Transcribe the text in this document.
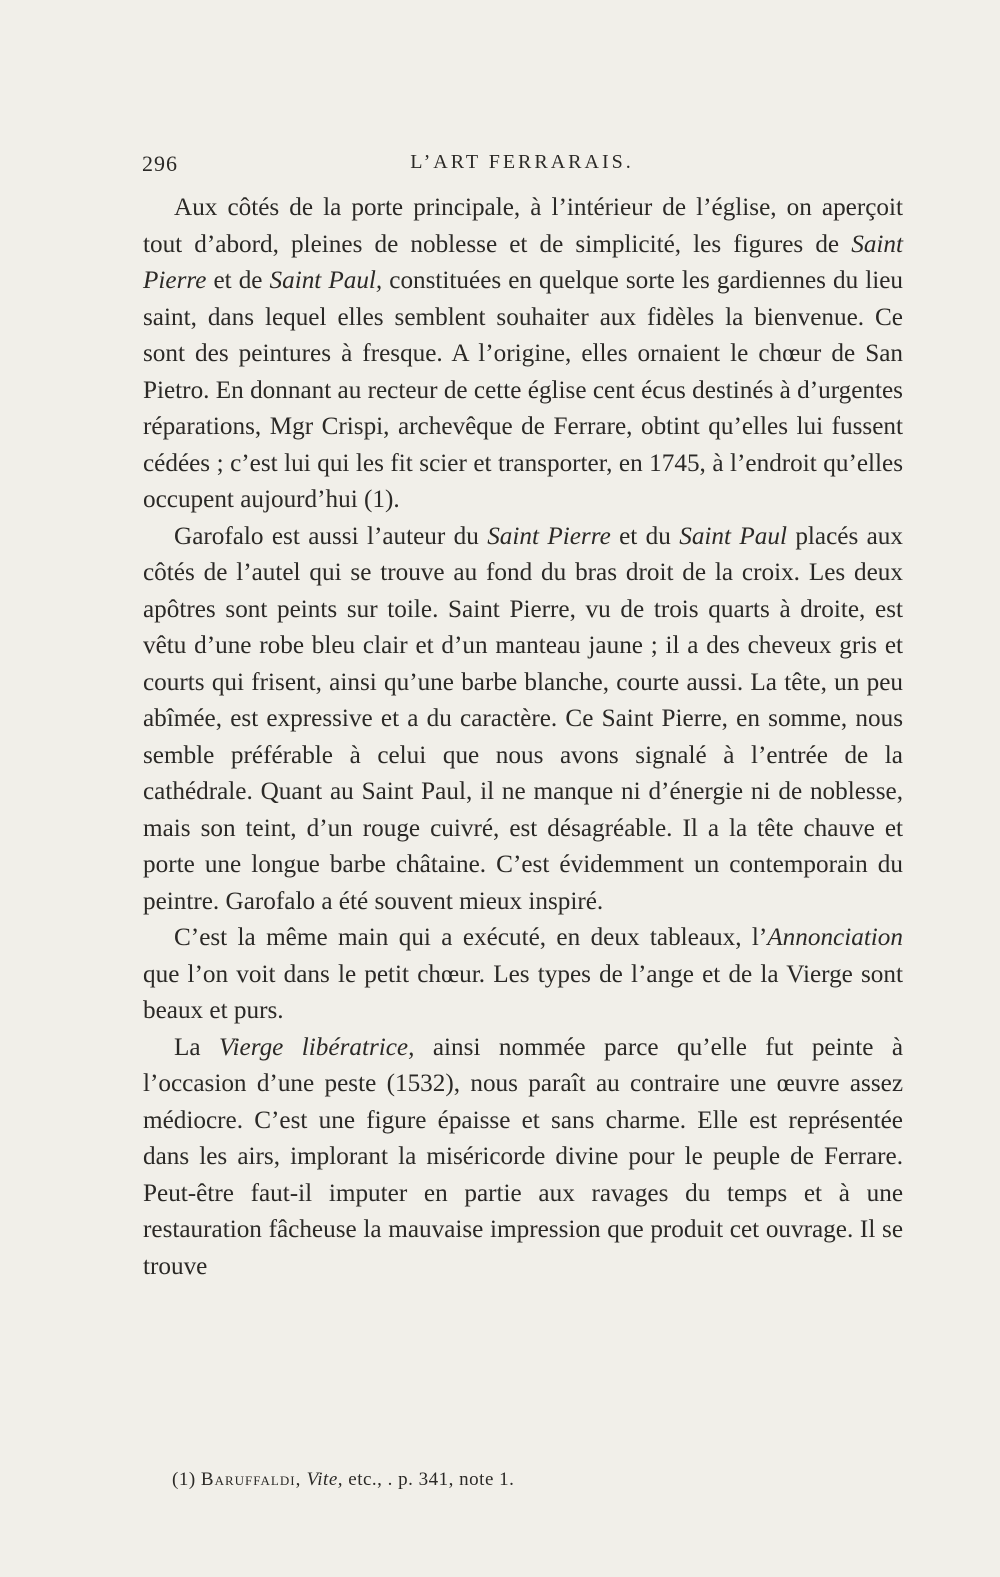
296	L’ART FERRARAIS.

Aux côtés de la porte principale, à l’intérieur de l’église, on aperçoit tout d’abord, pleines de noblesse et de simplicité, les figures de Saint Pierre et de Saint Paul, constituées en quelque sorte les gardiennes du lieu saint, dans lequel elles semblent souhaiter aux fidèles la bienvenue. Ce sont des peintures à fresque. A l’origine, elles ornaient le chœur de San Pietro. En donnant au recteur de cette église cent écus destinés à d’urgentes réparations, Mgr Crispi, archevêque de Ferrare, obtint qu’elles lui fussent cédées ; c’est lui qui les fit scier et transporter, en 1745, à l’endroit qu’elles occupent aujourd’hui (1).

Garofalo est aussi l’auteur du Saint Pierre et du Saint Paul placés aux côtés de l’autel qui se trouve au fond du bras droit de la croix. Les deux apôtres sont peints sur toile. Saint Pierre, vu de trois quarts à droite, est vêtu d’une robe bleu clair et d’un manteau jaune ; il a des cheveux gris et courts qui frisent, ainsi qu’une barbe blanche, courte aussi. La tête, un peu abîmée, est expressive et a du caractère. Ce Saint Pierre, en somme, nous semble préférable à celui que nous avons signalé à l’entrée de la cathédrale. Quant au Saint Paul, il ne manque ni d’énergie ni de noblesse, mais son teint, d’un rouge cuivré, est désagréable. Il a la tête chauve et porte une longue barbe châtaine. C’est évidemment un contemporain du peintre. Garofalo a été souvent mieux inspiré.

C’est la même main qui a exécuté, en deux tableaux, l’Annonciation que l’on voit dans le petit chœur. Les types de l’ange et de la Vierge sont beaux et purs.

La Vierge libératrice, ainsi nommée parce qu’elle fut peinte à l’occasion d’une peste (1532), nous paraît au contraire une œuvre assez médiocre. C’est une figure épaisse et sans charme. Elle est représentée dans les airs, implorant la miséricorde divine pour le peuple de Ferrare. Peut-être faut-il imputer en partie aux ravages du temps et à une restauration fâcheuse la mauvaise impression que produit cet ouvrage. Il se trouve

(1) Baruffaldi, Vite, etc., . p. 341, note 1.
